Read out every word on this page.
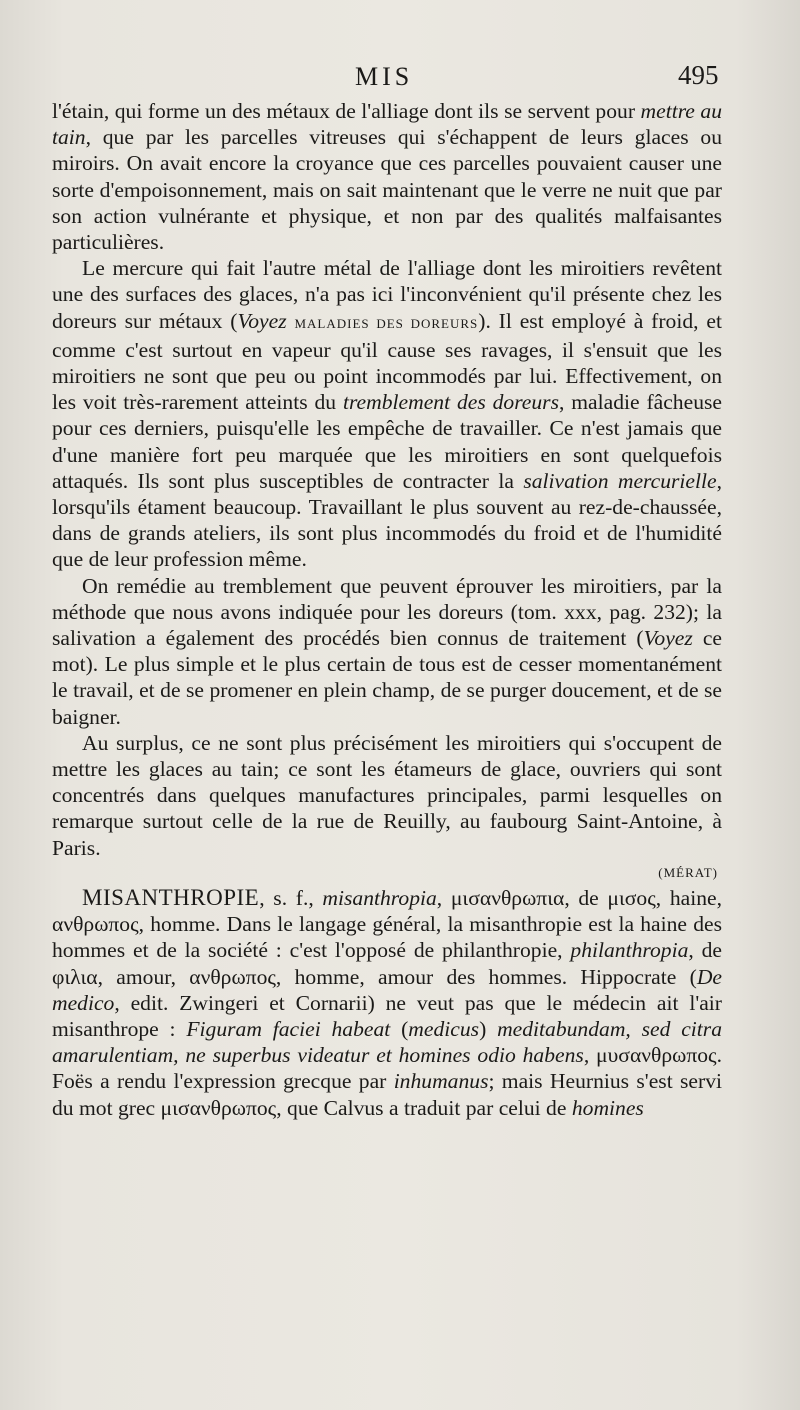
MIS	495

l'étain, qui forme un des métaux de l'alliage dont ils se servent pour mettre au tain, que par les parcelles vitreuses qui s'échappent de leurs glaces ou miroirs. On avait encore la croyance que ces parcelles pouvaient causer une sorte d'empoisonnement, mais on sait maintenant que le verre ne nuit que par son action vulnérante et physique, et non par des qualités malfaisantes particulières.

Le mercure qui fait l'autre métal de l'alliage dont les miroitiers revêtent une des surfaces des glaces, n'a pas ici l'inconvénient qu'il présente chez les doreurs sur métaux (Voyez MALADIES DES DOREURS). Il est employé à froid, et comme c'est surtout en vapeur qu'il cause ses ravages, il s'ensuit que les miroitiers ne sont que peu ou point incommodés par lui. Effectivement, on les voit très-rarement atteints du tremblement des doreurs, maladie fâcheuse pour ces derniers, puisqu'elle les empêche de travailler. Ce n'est jamais que d'une manière fort peu marquée que les miroitiers en sont quelquefois attaqués. Ils sont plus susceptibles de contracter la salivation mercurielle, lorsqu'ils étament beaucoup. Travaillant le plus souvent au rez-de-chaussée, dans de grands ateliers, ils sont plus incommodés du froid et de l'humidité que de leur profession même.

On remédie au tremblement que peuvent éprouver les miroitiers, par la méthode que nous avons indiquée pour les doreurs (tom. xxx, pag. 232); la salivation a également des procédés bien connus de traitement (Voyez ce mot). Le plus simple et le plus certain de tous est de cesser momentanément le travail, et de se promener en plein champ, de se purger doucement, et de se baigner.

Au surplus, ce ne sont plus précisément les miroitiers qui s'occupent de mettre les glaces au tain; ce sont les étameurs de glace, ouvriers qui sont concentrés dans quelques manufactures principales, parmi lesquelles on remarque surtout celle de la rue de Reuilly, au faubourg Saint-Antoine, à Paris.

(MÉRAT)

MISANTHROPIE, s. f., misanthropia, μισανθρωπια, de μισος, haine, ανθρωπος, homme. Dans le langage général, la misanthropie est la haine des hommes et de la société : c'est l'opposé de philanthropie, philanthropia, de φιλια, amour, ανθρωπος, homme, amour des hommes. Hippocrate (De medico, edit. Zwingeri et Cornarii) ne veut pas que le médecin ait l'air misanthrope : Figuram faciei habeat (medicus) meditabundam, sed citra amarulentiam, ne superbus videatur et homines odio habens, μυσανθρωπος. Foës a rendu l'expression grecque par inhumanus; mais Heurnius s'est servi du mot grec μισανθρωπος, que Calvus a traduit par celui de homines
